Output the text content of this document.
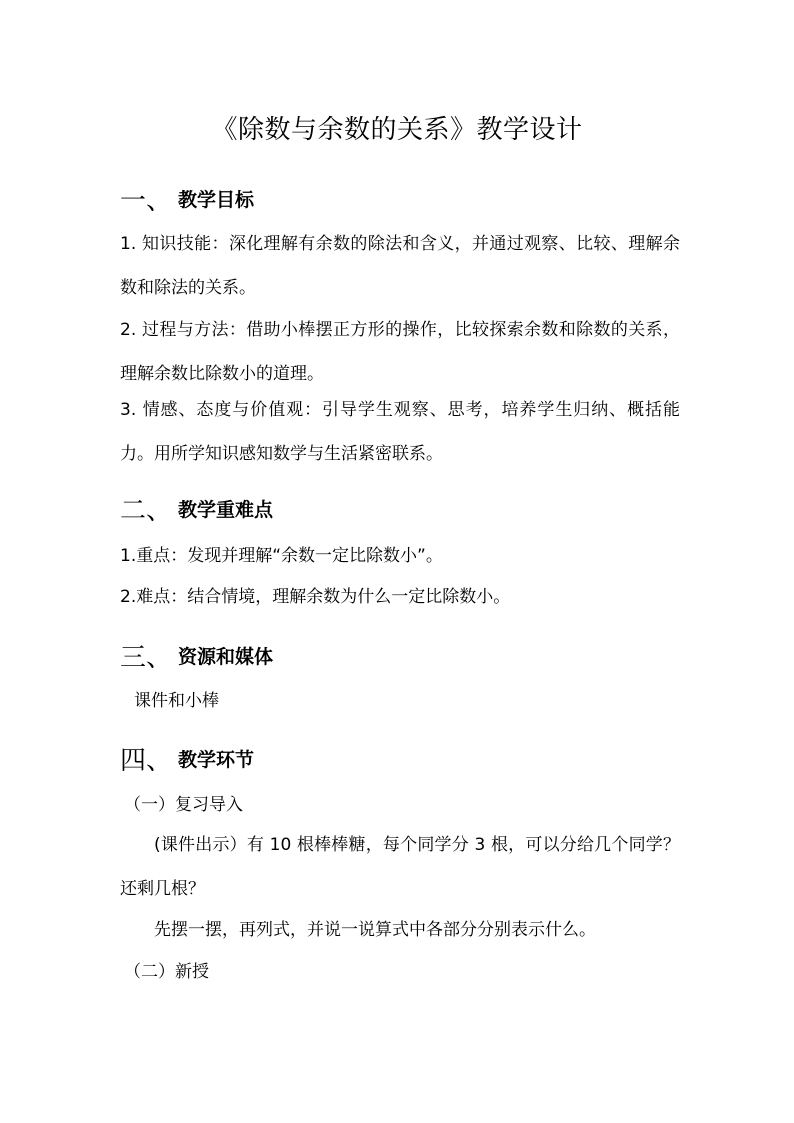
《除数与余数的关系》教学设计
一、 教学目标

1. 知识技能：深化理解有余数的除法和含义，并通过观察、比较、理解余数和除法的关系。

2. 过程与方法：借助小棒摆正方形的操作，比较探索余数和除数的关系，理解余数比除数小的道理。

3. 情感、态度与价值观：引导学生观察、思考，培养学生归纳、概括能力。用所学知识感知数学与生活紧密联系。

二、 教学重难点
1.重点：发现并理解“余数一定比除数小”。
2.难点：结合情境，理解余数为什么一定比除数小。
三、 资源和媒体
课件和小棒
四、 教学环节
（一）复习导入

(课件出示）有 10 根棒棒糖，每个同学分 3 根，可以分给几个同学？还剩几根？

先摆一摆，再列式，并说一说算式中各部分分别表示什么。
（二）新授
